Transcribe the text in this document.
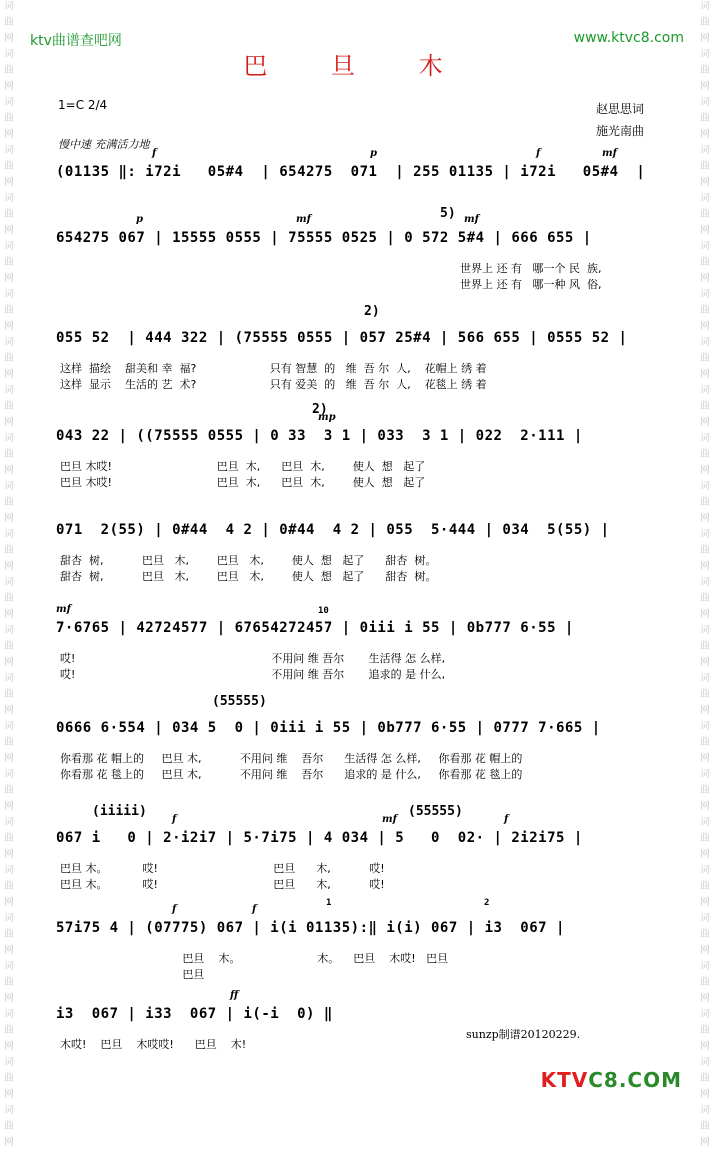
词
曲
网
词
曲
网
词
曲
网
词
曲
网
词
曲
网
词
曲
网
词
曲
网
词
曲
网
词
曲
网
词
曲
网
词
曲
网
词
曲
网
词
曲
网
词
曲
网
词
曲
网
词
曲
网
词
曲
网
词
曲
网
词
曲
网
词
曲
网
词
曲
网
词
曲
网
词
曲
网
词
曲
网
词
曲
网
词
曲
网
词
曲
网
词
曲
网
词
曲
网
词
曲
网
词
曲
网
词
曲
网
词
曲
网
词
曲
网
词
曲
网
词
曲
网
词
曲
网
词
曲
网
词
曲
网
词
曲
网
词
曲
网
词
曲
网
词
曲
网
词
曲
网
词
曲
网
词
曲
网
词
曲
网
词
曲
网
ktv曲谱查吧网	www.ktvc8.com
巴 旦 木
1=C 2/4	赵思思词
施光南曲
慢中速 充满活力地
(01135 ‖: i72i   05#4  | 654275  071  | 255 01135 | i72i   05#4  |
f	p	f	mf
654275 067 | 15555 0555 | 75555 0525 | 0 572 5#4 | 666 655 |
p	mf	mf
5)
世界上 还 有   哪一个 民  族,
世界上 还 有   哪一种 风  俗,
055 52  | 444 322 | (75555 0555 | 057 25#4 | 566 655 | 0555 52 |
2)
这样  描绘    甜美和 幸  福?                     只有 智慧  的   维  吾 尔  人,    花帽上 绣 着
这样  显示    生活的 艺  术?                     只有 爱美  的   维  吾 尔  人,    花毯上 绣 着
043 22 | ((75555 0555 | 0 33  3 1 | 033  3 1 | 022  2·111 |
mp
2)
巴旦 木哎!                              巴旦  木,      巴旦  木,        使人  想   起了
巴旦 木哎!                              巴旦  木,      巴旦  木,        使人  想   起了
071  2(55) | 0#44  4 2 | 0#44  4 2 | 055  5·444 | 034  5(55) |
甜杏  树,           巴旦   木,        巴旦   木,        使人  想   起了      甜杏  树。
甜杏  树,           巴旦   木,        巴旦   木,        使人  想   起了      甜杏  树。
7·6765 | 42724577 | 67654272457 | 0iii i 55 | 0b777 6·55 |
mf	10
哎!                                                        不用问 维 吾尔       生活得 怎 么样,
哎!                                                        不用问 维 吾尔       追求的 是 什么,
0666 6·554 | 034 5  0 | 0iii i 55 | 0b777 6·55 | 0777 7·665 |
(55555)
你看那 花 帽上的     巴旦 木,           不用问 维    吾尔      生活得 怎 么样,     你看那 花 帽上的
你看那 花 毯上的     巴旦 木,           不用问 维    吾尔      追求的 是 什么,     你看那 花 毯上的
067 i   0 | 2·i2i7 | 5·7i75 | 4 034 | 5   0  02· | 2i2i75 |
f	mf	f
(iiiii)	(55555)
巴旦 木。          哎!                                 巴旦      木,           哎!
巴旦 木。          哎!                                 巴旦      木,           哎!
57i75 4 | (07775) 067 | i(i 01135):‖ i(i) 067 | i3  067 |
f	f
1	2
巴旦    木。                      木。    巴旦    木哎!   巴旦
巴旦
i3  067 | i33  067 | i(-i  0) ‖
ff
木哎!    巴旦    木哎哎!      巴旦    木!
sunzp制谱20120229.
KTVC8.COM
